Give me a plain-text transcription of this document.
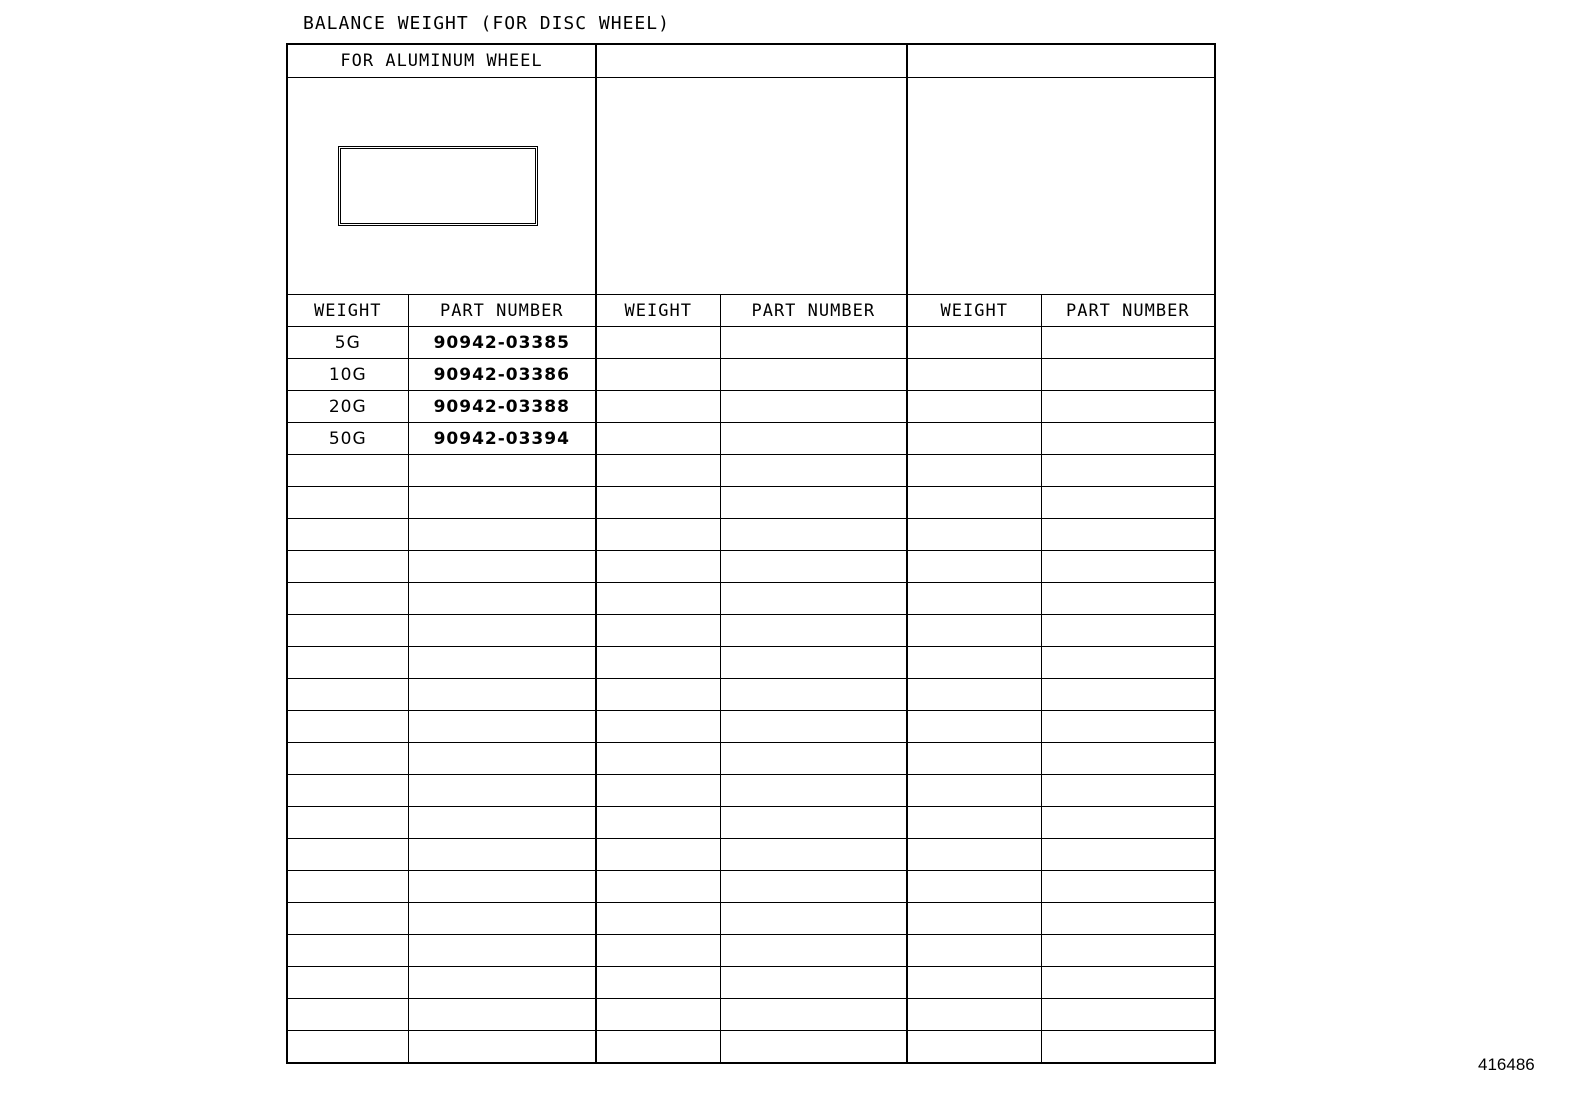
BALANCE WEIGHT (FOR DISC WHEEL)
FOR ALUMINUM WHEEL					

WEIGHT	PART NUMBER	WEIGHT	PART NUMBER	WEIGHT	PART NUMBER
5G	90942-03385				
10G	90942-03386				
20G	90942-03388				
50G	90942-03394				

416486
